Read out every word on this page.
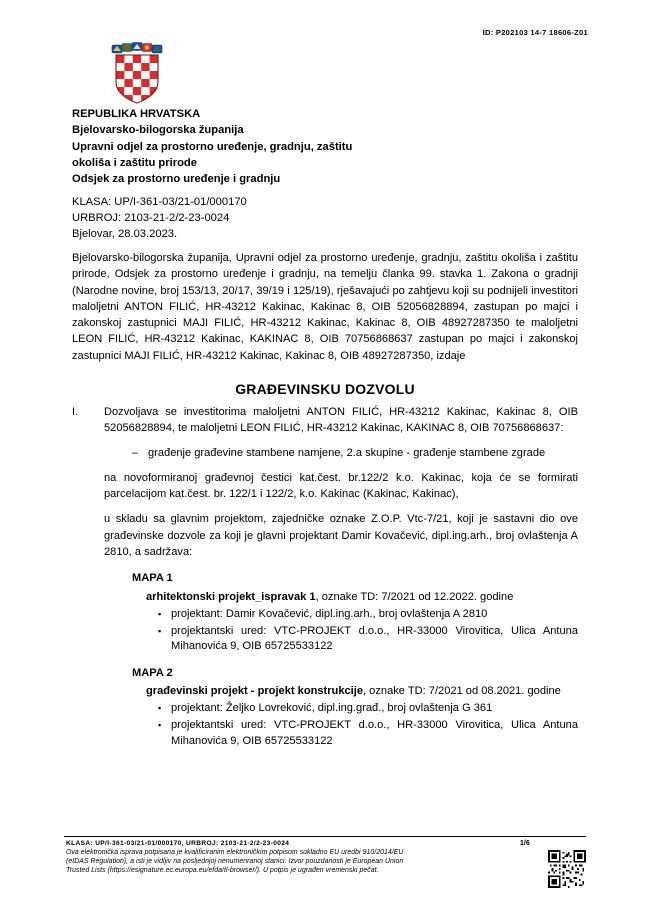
ID: P202103 14-7 18606-Z01
REPUBLIKA HRVATSKA
Bjelovarsko-bilogorska županija
Upravni odjel za prostorno uređenje, gradnju, zaštitu
okoliša i zaštitu prirode
Odsjek za prostorno uređenje i gradnju
KLASA: UP/I-361-03/21-01/000170
URBROJ: 2103-21-2/2-23-0024
Bjelovar, 28.03.2023.
Bjelovarsko-bilogorska županija, Upravni odjel za prostorno uređenje, gradnju, zaštitu okoliša i zaštitu prirode, Odsjek za prostorno uređenje i gradnju, na temelju članka 99. stavka 1. Zakona o gradnji (Narodne novine, broj 153/13, 20/17, 39/19 i 125/19), rješavajuć́i po zahtjevu koji su podnijeli investitori maloljetni ANTON FILIĆ, HR-43212 Kakinac, Kakinac 8, OIB 52056828894, zastupan po majci i zakonskoj zastupnici MAJI FILIĆ, HR-43212 Kakinac, Kakinac 8, OIB 48927287350 te maloljetni LEON FILIĆ, HR-43212 Kakinac, KAKINAC 8, OIB 70756868637 zastupan po majci i zakonskoj zastupnici MAJI FILIĆ, HR-43212 Kakinac, Kakinac 8, OIB 48927287350, izdaje
GRAĐEVINSKU DOZVOLU
I.	Dozvoljava se investitorima maloljetni ANTON FILIĆ, HR-43212 Kakinac, Kakinac 8, OIB 52056828894, te maloljetni LEON FILIĆ, HR-43212 Kakinac, KAKINAC 8, OIB 70756868637:
– građenje građevine stambene namjene, 2.a skupine - građenje stambene zgrade
na novoformiranoj građevnoj čestici kat.čest. br.122/2 k.o. Kakinac, koja će se formirati parcelacijom kat.čest. br. 122/1 i 122/2, k.o. Kakinac (Kakinac, Kakinac),
u skladu sa glavnim projektom, zajedničke oznake Z.O.P. Vtc-7/21, koji je sastavni dio ove građevinske dozvole za koji je glavni projektant Damir Kovačević, dipl.ing.arh., broj ovlaštenja A 2810, a sadržava:
MAPA 1
arhitektonski projekt_ispravak 1, oznake TD: 7/2021 od 12.2022. godine
▪ projektant: Damir Kovačević, dipl.ing.arh., broj ovlaštenja A 2810
▪ projektantski ured: VTC-PROJEKT d.o.o., HR-33000 Virovitica, Ulica Antuna Mihanovića 9, OIB 65725533122
MAPA 2
građevinski projekt - projekt konstrukcije, oznake TD: 7/2021 od 08.2021. godine
▪ projektant: Željko Lovreković, dipl.ing.građ., broj ovlaštenja G 361
▪ projektantski ured: VTC-PROJEKT d.o.o., HR-33000 Virovitica, Ulica Antuna Mihanovića 9, OIB 65725533122
KLASA: UP/I-361-03/21-01/000170, URBROJ: 2103-21-2/2-23-0024
Ova elektronička isprava potpisana je kvalificiranim elektroničkim potpisom sukladno EU uredbi 910/2014/EU
(eIDAS Regulation), a isti je vidljiv na posljednjoj nenumeriranoj stanici. Izvor pouzdanosti je European Union
Trusted Lists (https://esignature.ec.europa.eu/efda/tl-browser/). U potpis je ugrađen vremenski pečat.
1/6
